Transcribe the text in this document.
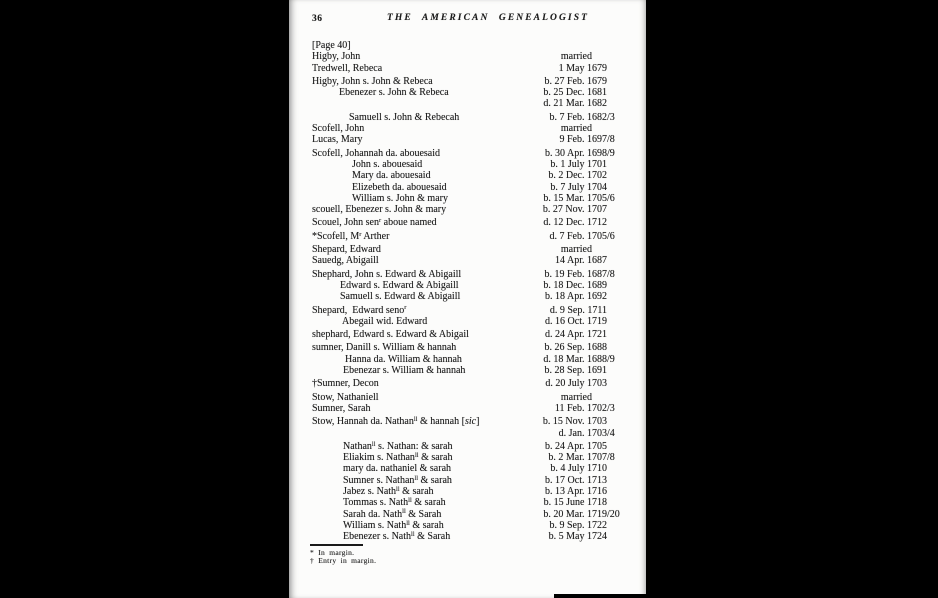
36	THE AMERICAN GENEALOGIST
[Page 40]
Higby, John	married
Tredwell, Rebeca	1 May 1679
Higby, John s. John & Rebeca	b. 27 Feb. 1679
Ebenezer s. John & Rebeca	b. 25 Dec. 1681

d. 21 Mar. 1682
Samuell s. John & Rebecah	b. 7 Feb. 1682 /3
Scofell, John	married
Lucas, Mary	9 Feb. 1697 /8
Scofell, Johannah da. abouesaid	b. 30 Apr. 1698 /9
John s. abouesaid	b. 1 July 1701
Mary da. abouesaid	b. 2 Dec. 1702
Elizebeth da. abouesaid	b. 7 July 1704
William s. John & mary	b. 15 Mar. 1705 /6
scouell, Ebenezer s. John & mary	b. 27 Nov. 1707
Scouel, John sen$^r$ aboue named	d. 12 Dec. 1712
*Scofell, $M^r$ Arther	d. 7 Feb. 1705 /6
Shepard, Edward	married
Sauedg, Abigaill	14 Apr. 1687
Shephard, John s. Edward & Abigaill	b. 19 Feb. 1687 /8
Edward s. Edward & Abigaill	b. 18 Dec. 1689
Samuell s. Edward & Abigaill	b. 18 Apr. 1692
Shepard,  Edward seno$^r$	d. 9 Sep. 1711
Abegail wid. Edward	d. 16 Oct. 1719
shephard, Edward s. Edward & Abigail	d. 24 Apr. 1721
sumner, Danill s. William & hannah	b. 26 Sep. 1688
Hanna da. William & hannah	d. 18 Mar. 1688 /9
Ebenezar s. William & hannah	b. 28 Sep. 1691
†Sumner, Decon	d. 20 July 1703
Stow, Nathaniell	married
Sumner, Sarah	11 Feb. 1702 /3
Stow, Hannah da. Nathan$^{ll}$ & hannah [sic]	b. 15 Nov. 1703

d. Jan. 1703 /4
Nathan$^{ll}$ s. Nathan: & sarah	b. 24 Apr. 1705
Eliakim s. Nathan$^{ll}$ & sarah	b. 2 Mar. 1707 /8
mary da. nathaniel & sarah	b. 4 July 1710
Sumner s. Nathan$^{ll}$ & sarah	b. 17 Oct. 1713
Jabez s. Nath$^{ll}$ & sarah	b. 13 Apr. 1716
Tommas s. Nath$^{ll}$ & sarah	b. 15 June 1718
Sarah da. Nath$^{ll}$ & Sarah	b. 20 Mar. 1719 /20
William s. Nath$^{ll}$ & sarah	b. 9 Sep. 1722
Ebenezer s. Nath$^{ll}$ & Sarah	b. 5 May 1724
* In margin.
† Entry in margin.
